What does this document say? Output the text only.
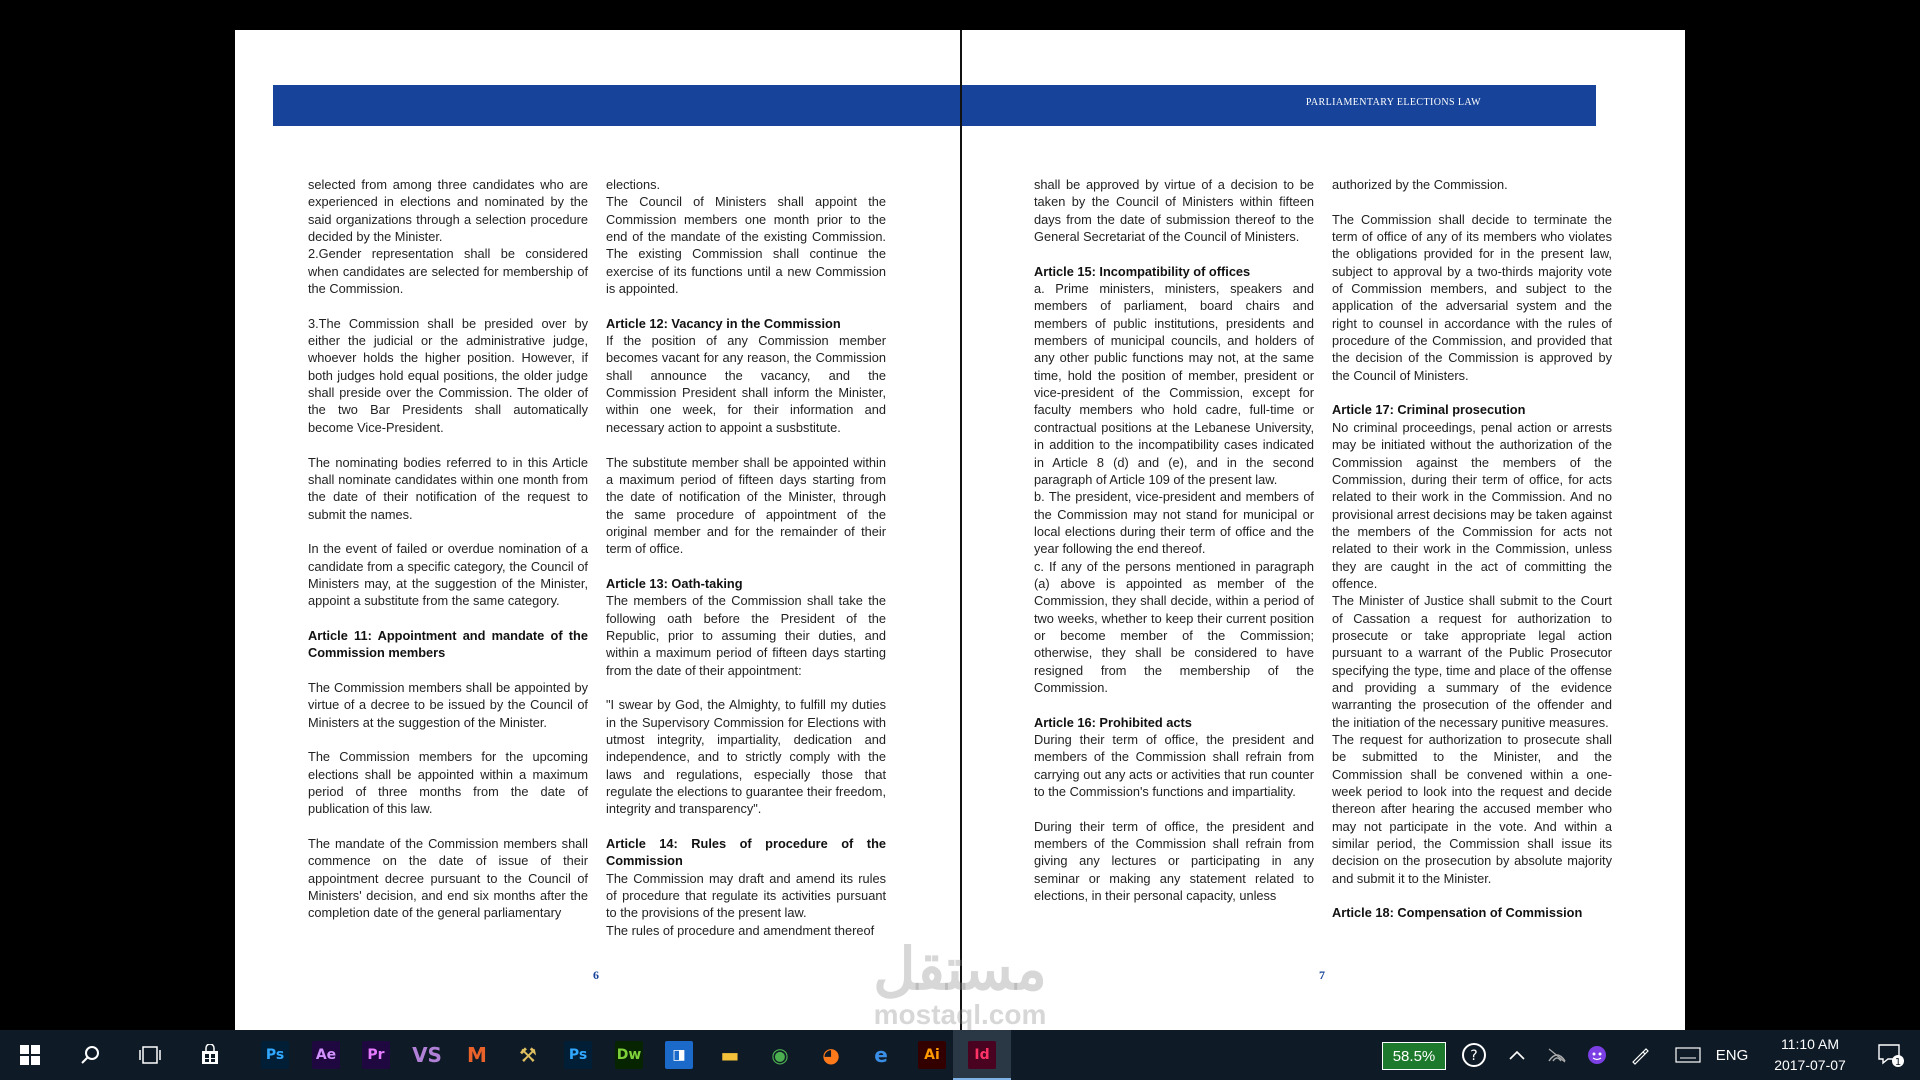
PARLIAMENTARY ELECTIONS LAW

selected from among three candidates who are experienced in elections and nominated by the said organizations through a selection procedure decided by the Minister.

2.Gender representation shall be considered when candidates are selected for membership of the Commission.

3.The Commission shall be presided over by either the judicial or the administrative judge, whoever holds the higher position. However, if both judges hold equal positions, the older judge shall preside over the Commission. The older of the two Bar Presidents shall automatically become Vice-President.

The nominating bodies referred to in this Article shall nominate candidates within one month from the date of their notification of the request to submit the names.

In the event of failed or overdue nomination of a candidate from a specific category, the Council of Ministers may, at the suggestion of the Minister, appoint a substitute from the same category.

Article 11: Appointment and mandate of the Commission members

The Commission members shall be appointed by virtue of a decree to be issued by the Council of Ministers at the suggestion of the Minister.

The Commission members for the upcoming elections shall be appointed within a maximum period of three months from the date of publication of this law.

The mandate of the Commission members shall commence on the date of issue of their appointment decree pursuant to the Council of Ministers' decision, and end six months after the completion date of the general parliamentary

elections.

The Council of Ministers shall appoint the Commission members one month prior to the end of the mandate of the existing Commission. The existing Commission shall continue the exercise of its functions until a new Commission is appointed.

Article 12: Vacancy in the Commission

If the position of any Commission member becomes vacant for any reason, the Commission shall announce the vacancy, and the Commission President shall inform the Minister, within one week, for their information and necessary action to appoint a susbstitute.

The substitute member shall be appointed within a maximum period of fifteen days starting from the date of notification of the Minister, through the same procedure of appointment of the original member and for the remainder of their term of office.

Article 13: Oath-taking

The members of the Commission shall take the following oath before the President of the Republic, prior to assuming their duties, and within a maximum period of fifteen days starting from the date of their appointment:

"I swear by God, the Almighty, to fulfill my duties in the Supervisory Commission for Elections with utmost integrity, impartiality, dedication and independence, and to strictly comply with the laws and regulations, especially those that regulate the elections to guarantee their freedom, integrity and transparency".

Article 14: Rules of procedure of the Commission

The Commission may draft and amend its rules of procedure that regulate its activities pursuant to the provisions of the present law.

The rules of procedure and amendment thereof

shall be approved by virtue of a decision to be taken by the Council of Ministers within fifteen days from the date of submission thereof to the General Secretariat of the Council of Ministers.

Article 15: Incompatibility of offices

a. Prime ministers, ministers, speakers and members of parliament, board chairs and members of public institutions, presidents and members of municipal councils, and holders of any other public functions may not, at the same time, hold the position of member, president or vice-president of the Commission, except for faculty members who hold cadre, full-time or contractual positions at the Lebanese University, in addition to the incompatibility cases indicated in Article 8 (d) and (e), and in the second paragraph of Article 109 of the present law.

b. The president, vice-president and members of the Commission may not stand for municipal or local elections during their term of office and the year following the end thereof.

c. If any of the persons mentioned in paragraph (a) above is appointed as member of the Commission, they shall decide, within a period of two weeks, whether to keep their current position or become member of the Commission; otherwise, they shall be considered to have resigned from the membership of the Commission.

Article 16: Prohibited acts

During their term of office, the president and members of the Commission shall refrain from carrying out any acts or activities that run counter to the Commission's functions and impartiality.

During their term of office, the president and members of the Commission shall refrain from giving any lectures or participating in any seminar or making any statement related to elections, in their personal capacity, unless

authorized by the Commission.

The Commission shall decide to terminate the term of office of any of its members who violates the obligations provided for in the present law, subject to approval by a two-thirds majority vote of Commission members, and subject to the application of the adversarial system and the right to counsel in accordance with the rules of procedure of the Commission, and provided that the decision of the Commission is approved by the Council of Ministers.

Article 17: Criminal prosecution

No criminal proceedings, penal action or arrests may be initiated without the authorization of the Commission against the members of the Commission, during their term of office, for acts related to their work in the Commission. And no provisional arrest decisions may be taken against the members of the Commission for acts not related to their work in the Commission, unless they are caught in the act of committing the offence.

The Minister of Justice shall submit to the Court of Cassation a request for authorization to prosecute or take appropriate legal action pursuant to a warrant of the Public Prosecutor specifying the type, time and place of the offense and providing a summary of the evidence warranting the prosecution of the offender and the initiation of the necessary punitive measures.

The request for authorization to prosecute shall be submitted to the Minister, and the Commission shall be convened within a one-week period to look into the request and decide thereon after hearing the accused member who may not participate in the vote. And within a similar period, the Commission shall issue its decision on the prosecution by absolute majority and submit it to the Minister.

Article 18: Compensation of Commission

6	7
مستقل
mostaql.com
Ps	Ae	Pr VS M ⚒	Ps	Dw	◨	▬ ◉ ◕	e	Ai	Id	58.5%	?	ENG
11:10 AM
2017-07-07	1
